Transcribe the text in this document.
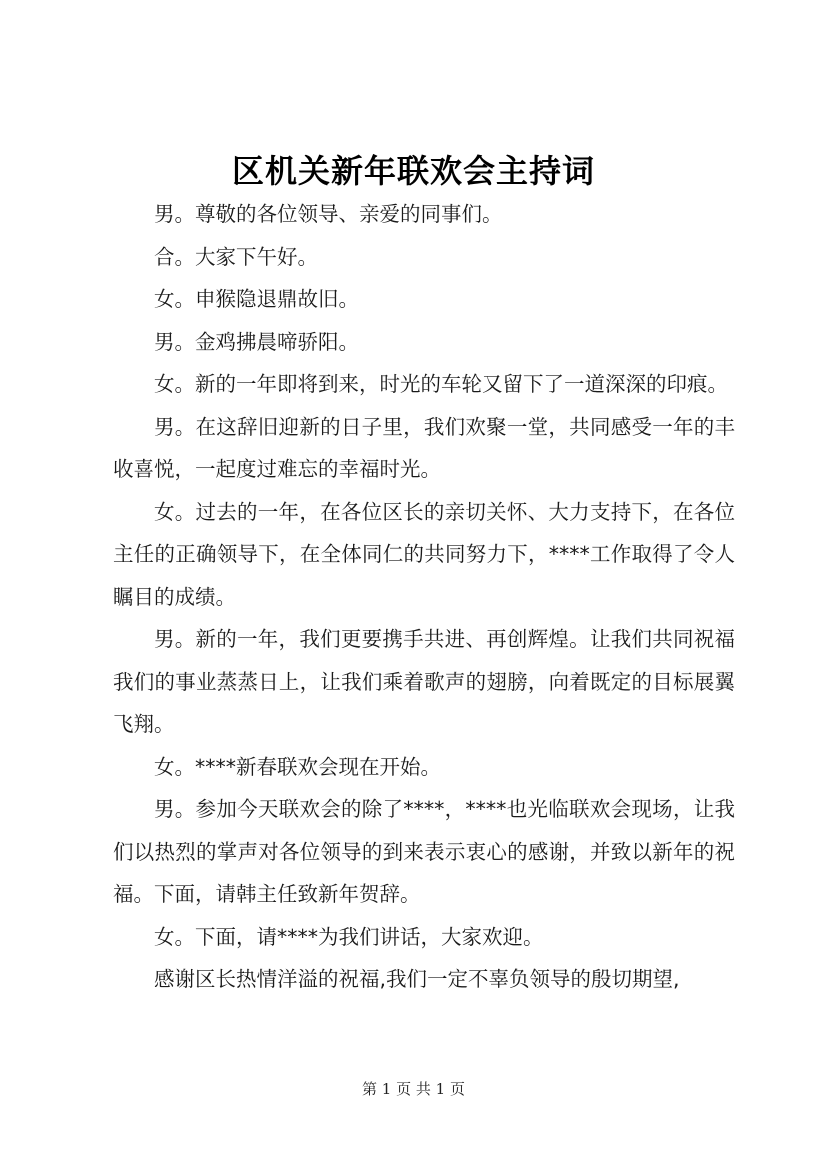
区机关新年联欢会主持词

男。尊敬的各位领导、亲爱的同事们。

合。大家下午好。

女。申猴隐退鼎故旧。

男。金鸡拂晨啼骄阳。

女。新的一年即将到来，时光的车轮又留下了一道深深的印痕。

男。在这辞旧迎新的日子里，我们欢聚一堂，共同感受一年的丰收喜悦，一起度过难忘的幸福时光。

女。过去的一年，在各位区长的亲切关怀、大力支持下，在各位主任的正确领导下，在全体同仁的共同努力下，****工作取得了令人瞩目的成绩。

男。新的一年，我们更要携手共进、再创辉煌。让我们共同祝福我们的事业蒸蒸日上，让我们乘着歌声的翅膀，向着既定的目标展翼飞翔。

女。****新春联欢会现在开始。

男。参加今天联欢会的除了****，****也光临联欢会现场，让我们以热烈的掌声对各位领导的到来表示衷心的感谢，并致以新年的祝福。下面，请韩主任致新年贺辞。

女。下面，请****为我们讲话，大家欢迎。

感谢区长热情洋溢的祝福,我们一定不辜负领导的殷切期望,

第 1 页 共 1 页
